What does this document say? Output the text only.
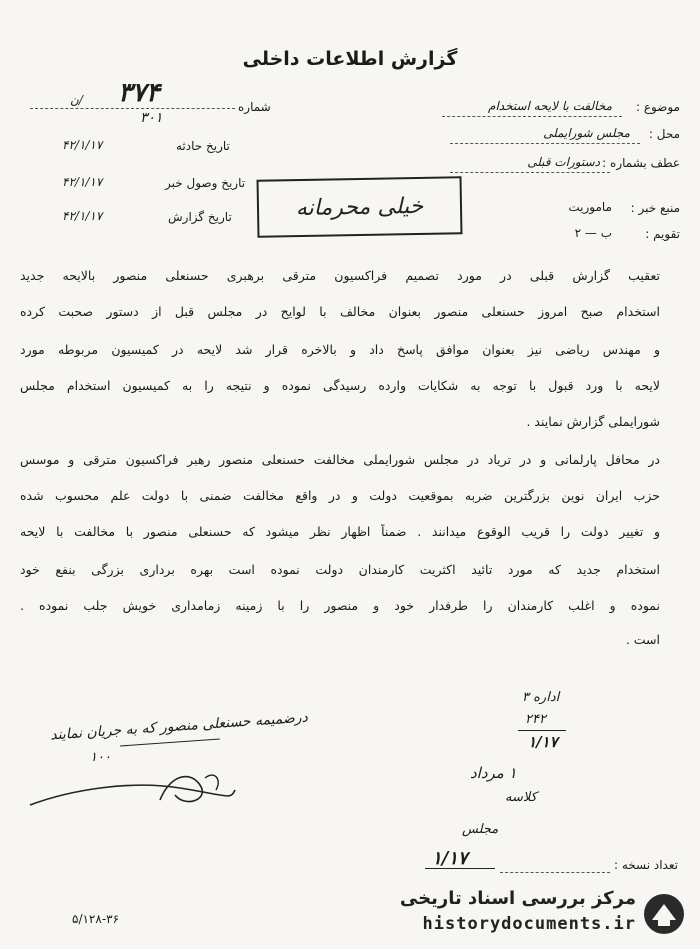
گزارش اطلاعات داخلی
موضوع :
مخالفت با لایحه استخدام
محل :
مجلس شورایملی
عطف بشماره :
دستورات قبلی
منبع خبر :
ماموریت
تقویم :
ب — ۲
شماره
۳۷۴
ن/
۳۰۱
تاریخ حادثه
۴۲/۱/۱۷
تاریخ وصول خبر
۴۲/۱/۱۷
تاریخ گزارش
۴۲/۱/۱۷	خیلی محرمانه
تعقیب گزارش قبلی در مورد تصمیم فراکسیون مترقی برهبری حسنعلی منصور بالایحه جدید
استخدام صبح امروز حسنعلی منصور بعنوان مخالف با لوایح در مجلس قبل از دستور صحبت کرده
و مهندس ریاضی نیز بعنوان موافق پاسخ داد و بالاخره قرار شد لایحه در کمیسیون مربوطه مورد
لایحه با ورد قبول با توجه به شکایات وارده رسیدگی نموده و نتیجه را به کمیسیون استخدام مجلس
شورایملی گزارش نمایند .
در محافل پارلمانی و در تریاد در مجلس شورایملی مخالفت حسنعلی منصور رهبر فراکسیون مترقی و موسس
حزب ایران نوین بزرگترین ضربه بموقعیت دولت و در واقع مخالفت ضمنی با دولت علم محسوب شده
و تغییر دولت را قریب الوقوع میدانند . ضمناً اظهار نظر میشود که حسنعلی منصور با مخالفت با لایحه
استخدام جدید که مورد تائید اکثریت کارمندان دولت نموده است بهره برداری بزرگی بنفع خود
نموده و اغلب کارمندان را طرفدار خود و منصور را با زمینه زمامداری خویش جلب نموده .
است .
درضمیمه حسنعلی منصور که به جریان نمایند
۱۰۰
اداره ۳
۲۴۲
۱/۱۷
۱ مرداد
کلاسه
مجلس
۱/۱۷	تعداد نسخه :
۵/۱۲۸-۳۶
مرکز بررسی اسناد تاریخی
historydocuments.ir
